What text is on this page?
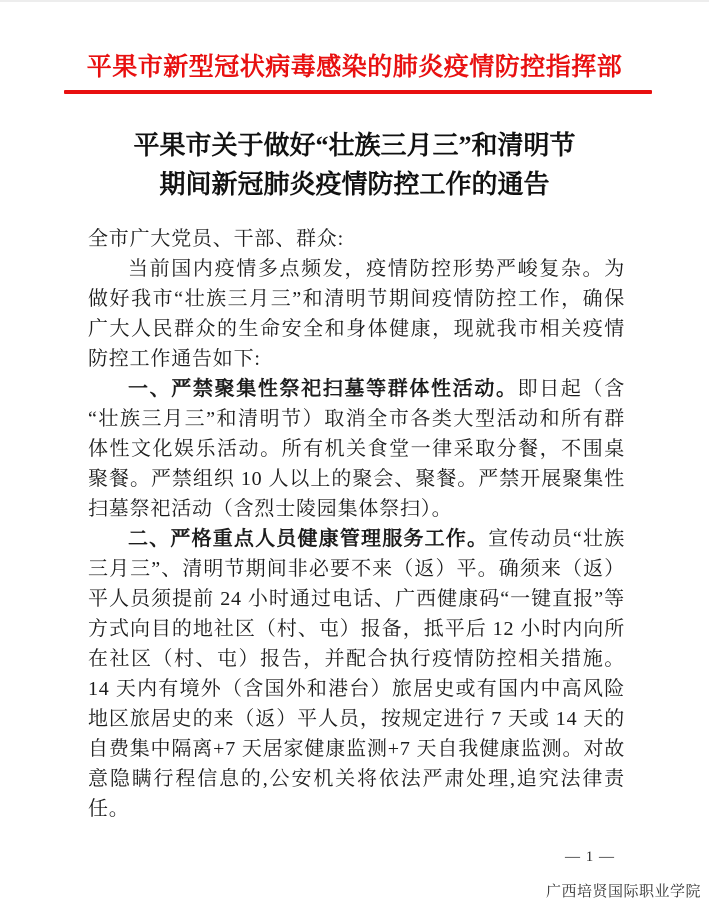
平果市新型冠状病毒感染的肺炎疫情防控指挥部
平果市关于做好“壮族三月三”和清明节
期间新冠肺炎疫情防控工作的通告

全市广大党员、干部、群众:

当前国内疫情多点频发，疫情防控形势严峻复杂。为做好我市“壮族三月三”和清明节期间疫情防控工作，确保广大人民群众的生命安全和身体健康，现就我市相关疫情防控工作通告如下:

一、严禁聚集性祭祀扫墓等群体性活动。即日起（含“壮族三月三”和清明节）取消全市各类大型活动和所有群体性文化娱乐活动。所有机关食堂一律采取分餐，不围桌聚餐。严禁组织 10 人以上的聚会、聚餐。严禁开展聚集性扫墓祭祀活动（含烈士陵园集体祭扫）。

二、严格重点人员健康管理服务工作。宣传动员“壮族三月三”、清明节期间非必要不来（返）平。确须来（返）平人员须提前 24 小时通过电话、广西健康码“一键直报”等方式向目的地社区（村、屯）报备，抵平后 12 小时内向所在社区（村、屯）报告，并配合执行疫情防控相关措施。14 天内有境外（含国外和港台）旅居史或有国内中高风险地区旅居史的来（返）平人员，按规定进行 7 天或 14 天的自费集中隔离+7 天居家健康监测+7 天自我健康监测。对故意隐瞒行程信息的,公安机关将依法严肃处理,追究法律责任。

— 1 —
广西培贤国际职业学院
